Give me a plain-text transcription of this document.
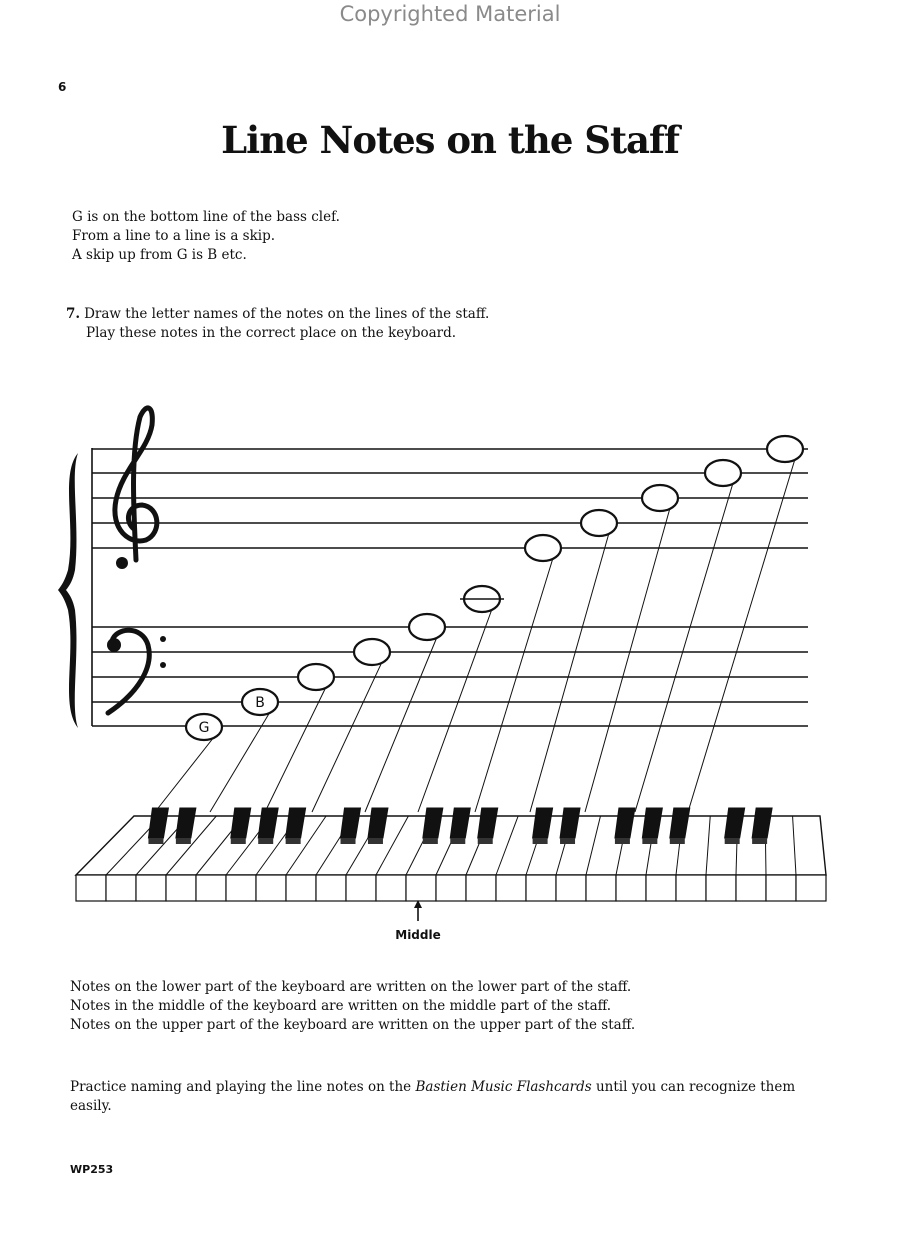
Copyrighted Material
6
Line Notes on the Staff
G is on the bottom line of the bass clef.
From a line to a line is a skip.
A skip up from G is B etc.
7. Draw the letter names of the notes on the lines of the staff.
Play these notes in the correct place on the keyboard.
G
B
Middle
Notes on the lower part of the keyboard are written on the lower part of the staff.
Notes in the middle of the keyboard are written on the middle part of the staff.
Notes on the upper part of the keyboard are written on the upper part of the staff.
Practice naming and playing the line notes on the Bastien Music Flashcards until you can recognize them easily.
WP253
